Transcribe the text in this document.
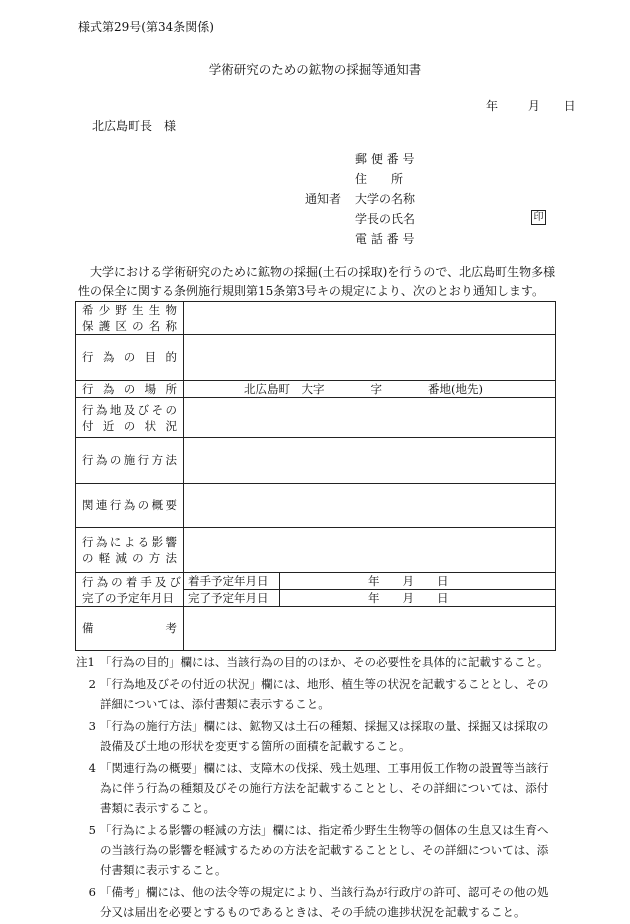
様式第29号(第34条関係)
学術研究のための鉱物の採掘等通知書
年 月 日
北広島町長　様
郵 便 番 号
住　　所
通知者 大学の名称
学長の氏名	印
電 話 番 号
大学における学術研究のために鉱物の採掘(土石の採取)を行うので、北広島町生物多様性の保全に関する条例施行規則第15条第3号キの規定により、次のとおり通知します。
希少野生生物
保護区の名称		

行為の目的		
行為の場所	北広島町　大字　　　　字　　　　番地(地先)	

行為地及びその
付近の状況		

行為の施行方法		
関連行為の概要		

行為による影響
の軽減の方法		

行為の着手及び
完了の予定年月日	着手予定年月日	年　　月　　日
	完了予定年月日	年　　月　　日
備考		
注1 「行為の目的」欄には、当該行為の目的のほか、その必要性を具体的に記載すること。
2 「行為地及びその付近の状況」欄には、地形、植生等の状況を記載することとし、その詳細については、添付書類に表示すること。
3 「行為の施行方法」欄には、鉱物又は土石の種類、採掘又は採取の量、採掘又は採取の設備及び土地の形状を変更する箇所の面積を記載すること。
4 「関連行為の概要」欄には、支障木の伐採、残土処理、工事用仮工作物の設置等当該行為に伴う行為の種類及びその施行方法を記載することとし、その詳細については、添付書類に表示すること。
5 「行為による影響の軽減の方法」欄には、指定希少野生生物等の個体の生息又は生育への当該行為の影響を軽減するための方法を記載することとし、その詳細については、添付書類に表示すること。
6 「備考」欄には、他の法令等の規定により、当該行為が行政庁の許可、認可その他の処分又は届出を必要とするものであるときは、その手続の進捗状況を記載すること。
